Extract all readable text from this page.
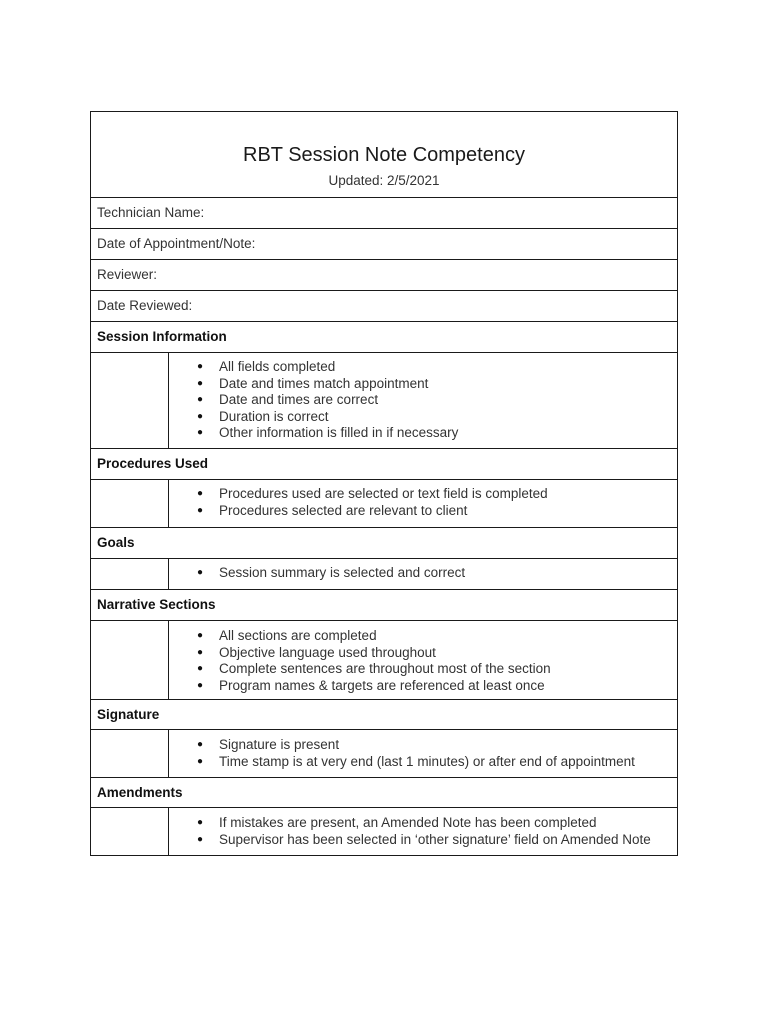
RBT Session Note Competency
Updated: 2/5/2021
Technician Name:
Date of Appointment/Note:
Reviewer:
Date Reviewed:
Session Information
● All fields completed
● Date and times match appointment
● Date and times are correct
● Duration is correct
● Other information is filled in if necessary
Procedures Used
● Procedures used are selected or text field is completed
● Procedures selected are relevant to client
Goals
● Session summary is selected and correct
Narrative Sections
● All sections are completed
● Objective language used throughout
● Complete sentences are throughout most of the section
● Program names & targets are referenced at least once
Signature
● Signature is present
● Time stamp is at very end (last 1 minutes) or after end of appointment
Amendments
● If mistakes are present, an Amended Note has been completed
● Supervisor has been selected in ‘other signature’ field on Amended Note
